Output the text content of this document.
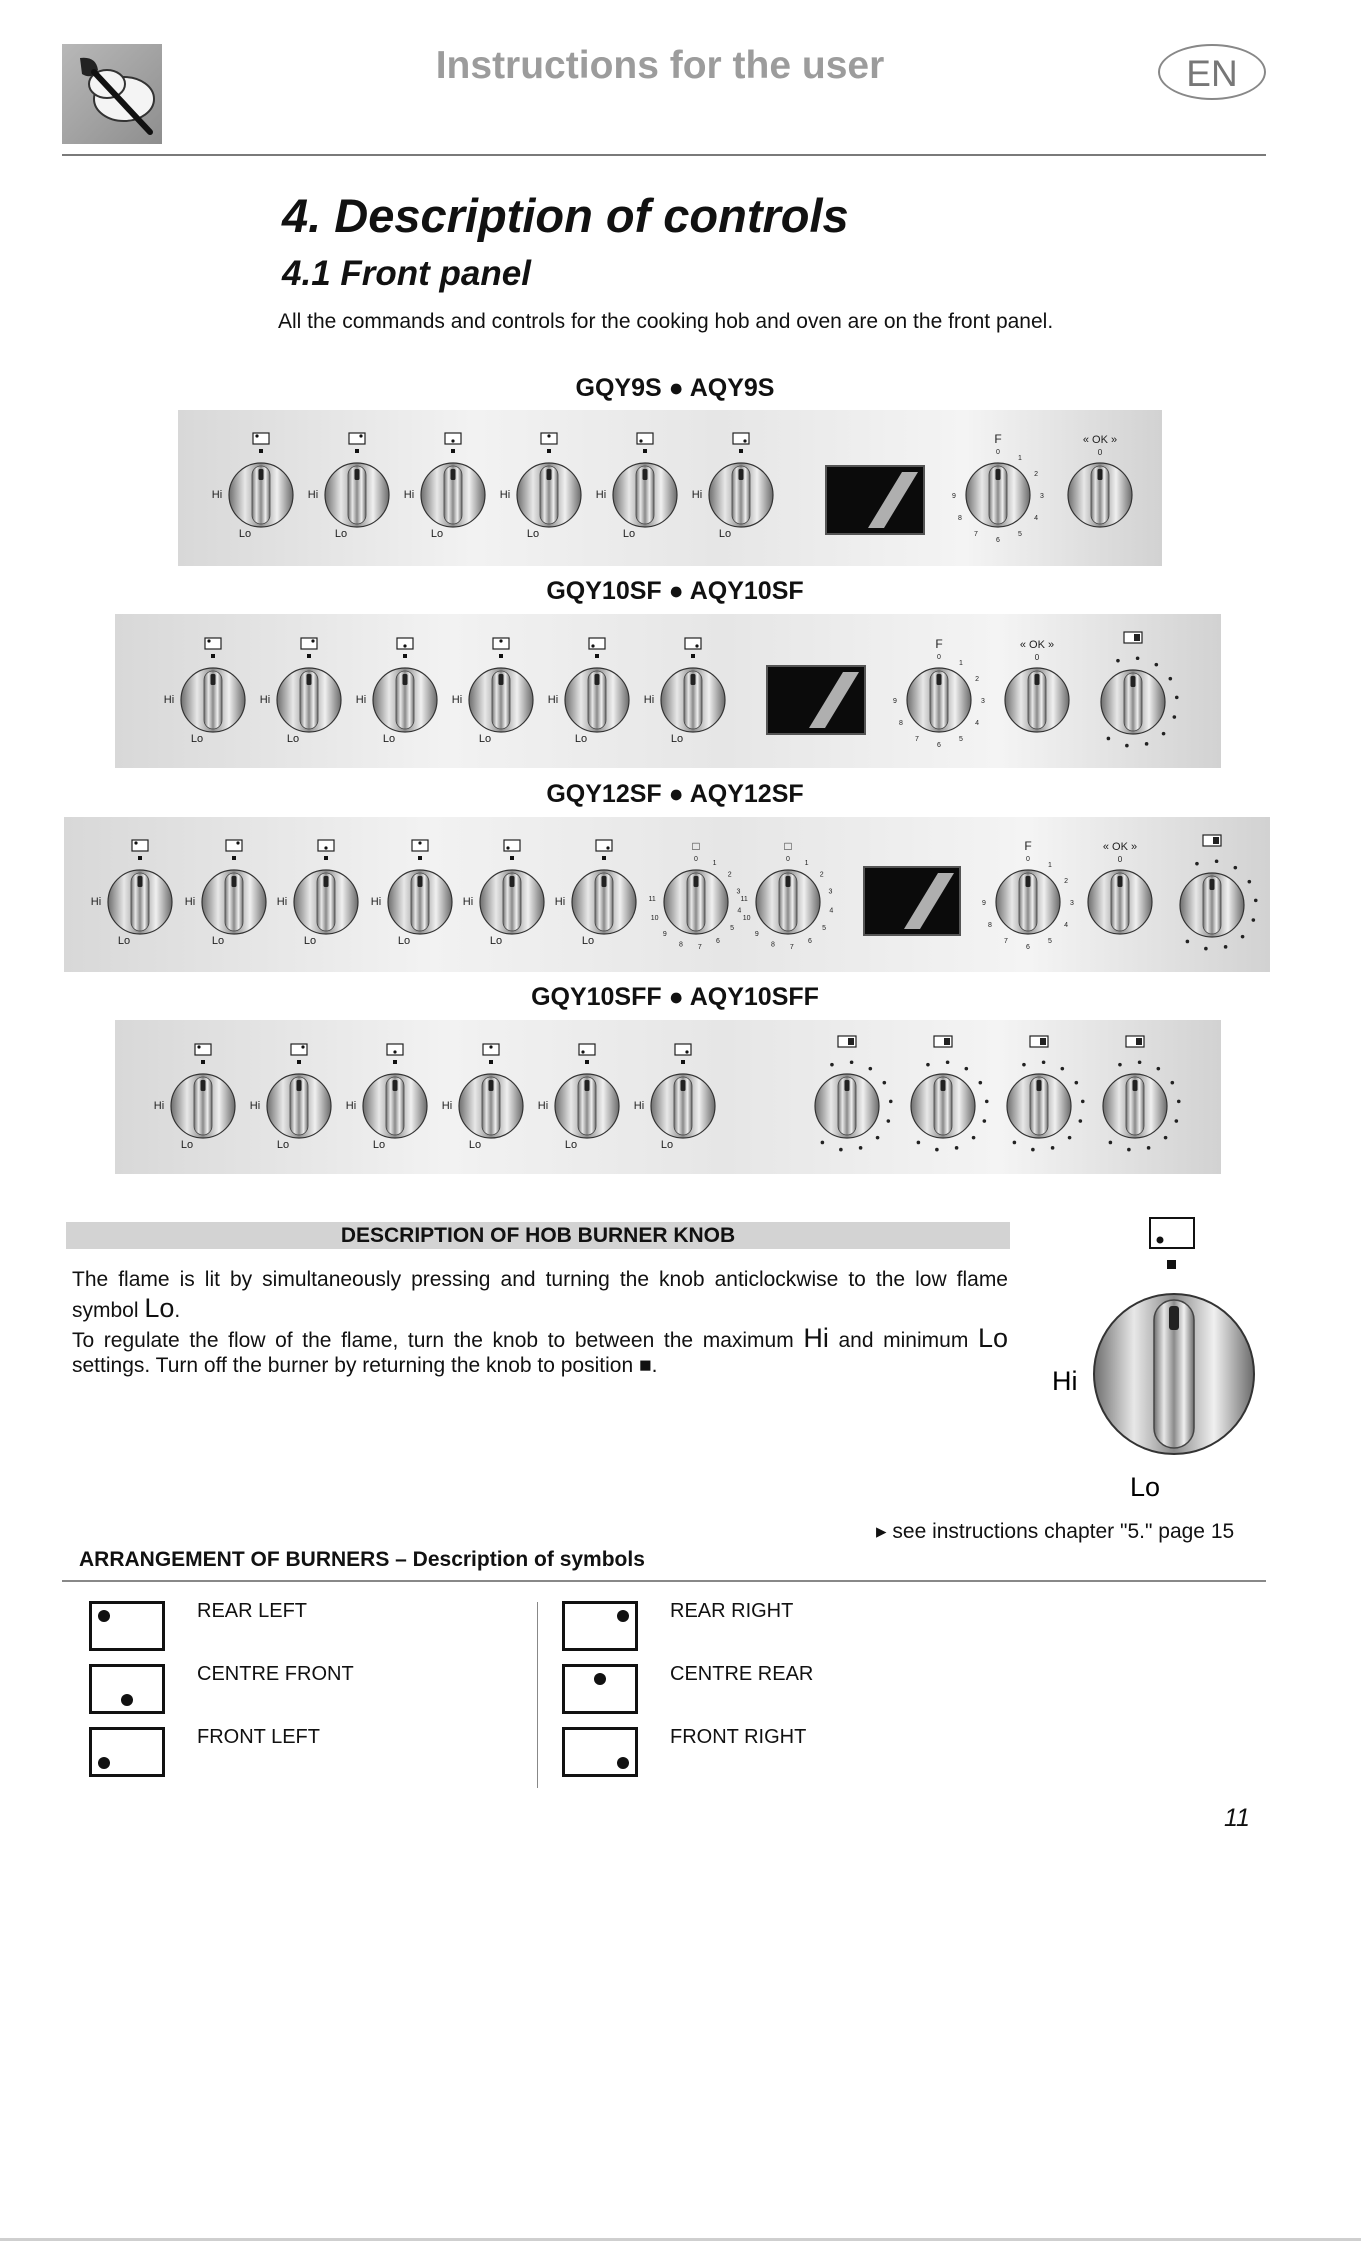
Instructions for the user	EN
4. Description of controls
4.1 Front panel
All the commands and controls for the cooking hob and oven are on the front panel.
GQY9S ● AQY9S
Hi
Lo
Hi
Lo
Hi
Lo
Hi
Lo
Hi
Lo
Hi
Lo
F
0
1
2
3
4
5
6
7
8
9
« OK »
0
GQY10SF ● AQY10SF
Hi
Lo
Hi
Lo
Hi
Lo
Hi
Lo
Hi
Lo
Hi
Lo
F
0
1
2
3
4
5
6
7
8
9
« OK »
0
GQY12SF ● AQY12SF
Hi
Lo
Hi
Lo
Hi
Lo
Hi
Lo
Hi
Lo
Hi
Lo
□
0
1
2
3
4
5
6
7
8
9
10
11
□
0
1
2
3
4
5
6
7
8
9
10
11
F
0
1
2
3
4
5
6
7
8
9
« OK »
0
GQY10SFF ● AQY10SFF
Hi
Lo
Hi
Lo
Hi
Lo
Hi
Lo
Hi
Lo
Hi
Lo
DESCRIPTION OF HOB BURNER KNOB
The flame is lit by simultaneously pressing and turning the knob anticlockwise to the low flame
symbol Lo.
To regulate the flow of the flame, turn the knob to between the maximum Hi and minimum Lo
settings. Turn off the burner by returning the knob to position ■.
Hi
Lo
▸ see instructions chapter "5." page 15
ARRANGEMENT OF BURNERS – Description of symbols
REAR LEFT
CENTRE FRONT
FRONT LEFT
REAR RIGHT
CENTRE REAR
FRONT RIGHT
11
